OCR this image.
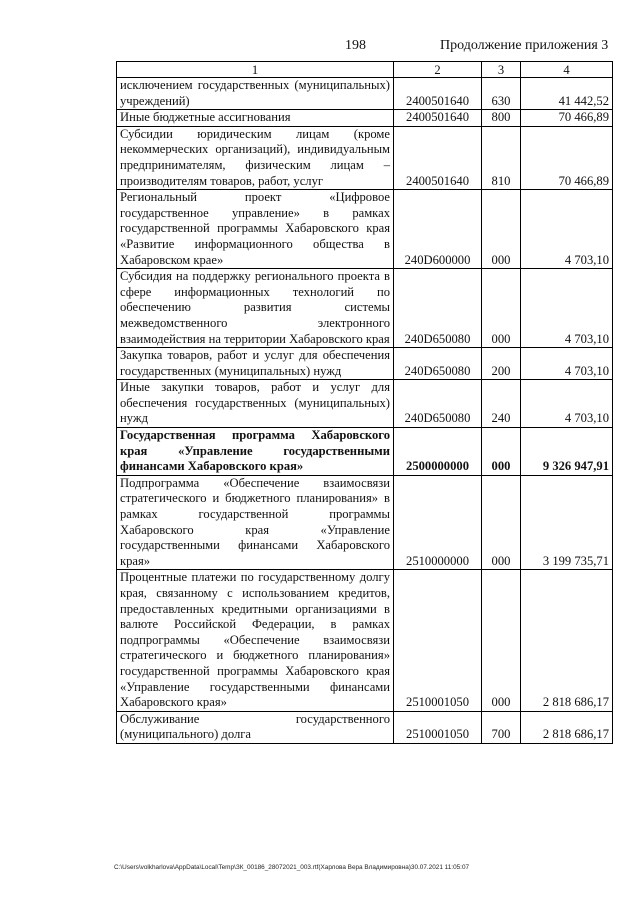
198	Продолжение приложения 3
1	2	3	4
исключением государственных (муниципальных) учреждений)	2400501640	630	41 442,52
Иные бюджетные ассигнования	2400501640	800	70 466,89
Субсидии юридическим лицам (кроме некоммерческих организаций), индивидуальным предпринимателям, физическим лицам – производителям товаров, работ, услуг	2400501640	810	70 466,89
Региональный проект «Цифровое государственное управление» в рамках государственной программы Хабаровского края «Развитие информационного общества в Хабаровском крае»	240D600000	000	4 703,10
Субсидия на поддержку регионального проекта в сфере информационных технологий по обеспечению развития системы межведомственного электронного взаимодействия на территории Хабаровского края	240D650080	000	4 703,10
Закупка товаров, работ и услуг для обеспечения государственных (муниципальных) нужд	240D650080	200	4 703,10
Иные закупки товаров, работ и услуг для обеспечения государственных (муниципальных) нужд	240D650080	240	4 703,10
Государственная программа Хабаровского края «Управление государственными финансами Хабаровского края»	2500000000	000	9 326 947,91
Подпрограмма «Обеспечение взаимосвязи стратегического и бюджетного планирования» в рамках государственной программы Хабаровского края «Управление государственными финансами Хабаровского края»	2510000000	000	3 199 735,71
Процентные платежи по государственному долгу края, связанному с использованием кредитов, предоставленных кредитными организациями в валюте Российской Федерации, в рамках подпрограммы «Обеспечение взаимосвязи стратегического и бюджетного планирования» государственной программы Хабаровского края «Управление государственными финансами Хабаровского края»	2510001050	000	2 818 686,17
Обслуживание государственного (муниципального) долга	2510001050	700	2 818 686,17
C:\Users\volkharlova\AppData\Local\Temp\ЗК_00186_28072021_003.rtf(Харлова Вера Владимировна)30.07.2021 11:05:07
